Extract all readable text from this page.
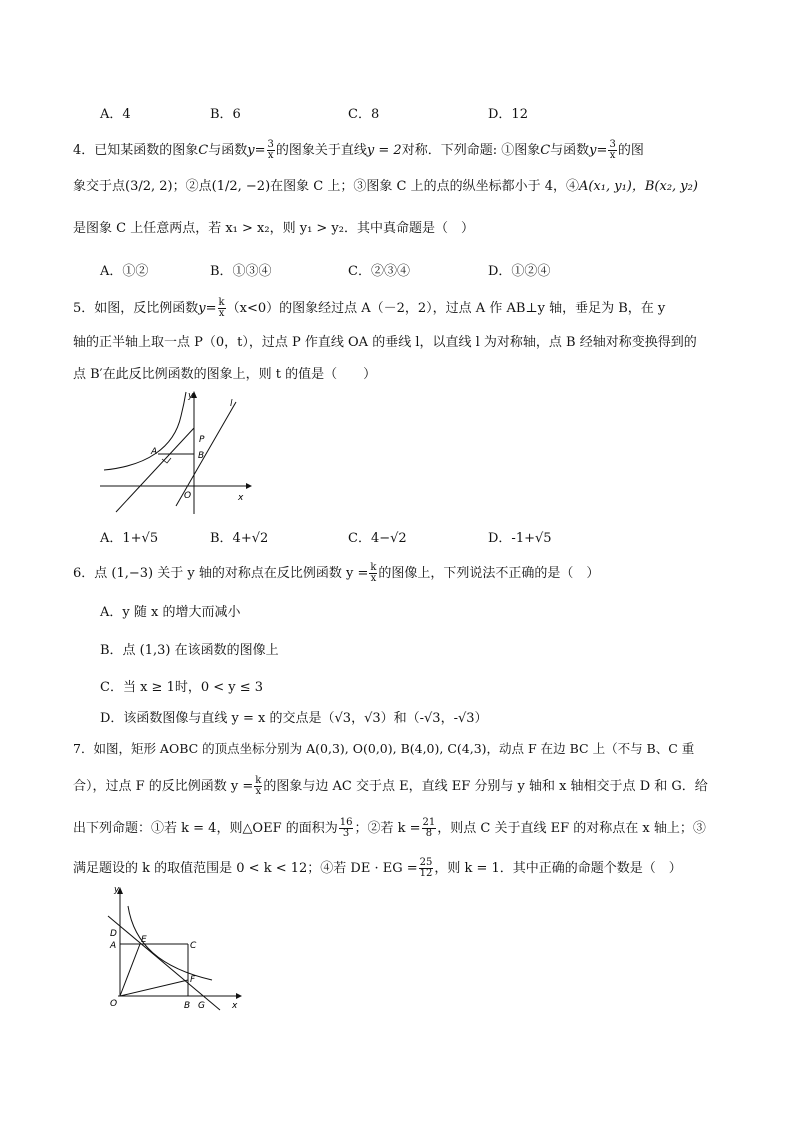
A．4	B．6	C．8	D．12
4．已知某函数的图象C与函数$y= \frac{3}{x}$ 的图象关于直线y = 2对称．下列命题: ①图象C与函数$y= \frac{3}{x}$ 的图
象交于点(3/2, 2)；②点(1/2, −2)在图象 C 上；③图象 C 上的点的纵坐标都小于 4，④A(x₁, y₁)，B(x₂, y₂)
是图象 C 上任意两点，若 x₁ > x₂，则 y₁ > y₂．其中真命题是（　）
A．①②	B．①③④	C．②③④	D．①②④
5．如图，反比例函数$y= \frac{k}{x} (x<0)$的图象经过点 A（－2，2），过点 A 作 AB⊥y 轴，垂足为 B，在 y
轴的正半轴上取一点 P（0，t），过点 P 作直线 OA 的垂线 l，以直线 l 为对称轴，点 B 经轴对称变换得到的
点 B′在此反比例函数的图象上，则 t 的值是（　　）
y
x
l
A	B
P
O
A．1+√5	B．4+√2	C．4−√2	D．-1+√5
6．点 (1,−3) 关于 y 轴的对称点在反比例函数 $y = \frac{k}{x}$ 的图像上，下列说法不正确的是（　）
A．y 随 x 的增大而减小
B．点 (1,3) 在该函数的图像上
C．当 x ≥ 1时，0 < y ≤ 3
D．该函数图像与直线 y = x 的交点是（√3，√3）和（-√3，-√3）
7．如图，矩形 AOBC 的顶点坐标分别为 A(0,3), O(0,0), B(4,0), C(4,3)，动点 F 在边 BC 上（不与 B、C 重
合），过点 F 的反比例函数 $y = \frac{k}{x}$ 的图象与边 AC 交于点 E，直线 EF 分别与 y 轴和 x 轴相交于点 D 和 G．给
出下列命题：①若 k = 4，则△OEF 的面积为 $\frac{16}{3}$ ；②若 $k = \frac{21}{8}$ ，则点 C 关于直线 EF 的对称点在 x 轴上；③
满足题设的 k 的取值范围是 0 < k < 12；④若 DE · EG = $\frac{25}{12}$ ，则 k = 1．其中正确的命题个数是（　）
y
x
D
A
E
C
F
O	B G
